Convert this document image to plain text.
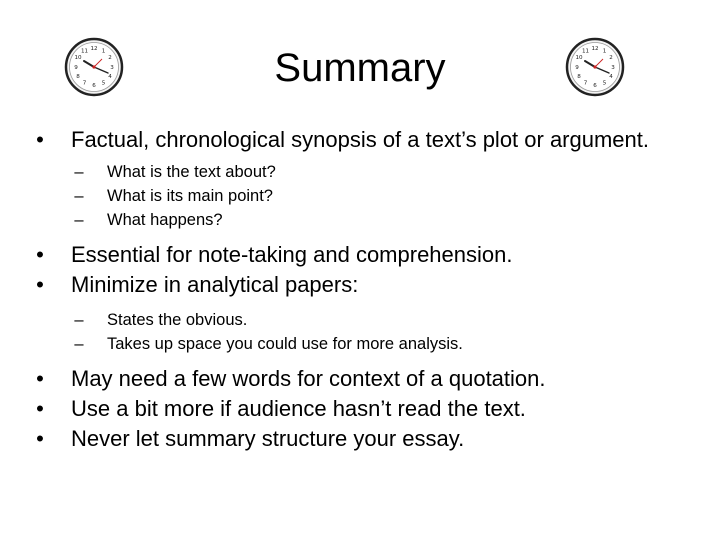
12 1
2
3
4
5
6
7
8
9
10
11	Summary	12 1
2
3
4
5
6
7
8
9
10
11
• Factual, chronological synopsis of a text’s plot or argument.
–	What is the text about?
–	What is its main point?
–	What happens?
• Essential for note-taking and comprehension.
• Minimize in analytical papers:
–	States the obvious.
–	Takes up space you could use for more analysis.
• May need a few words for context of a quotation.
• Use a bit more if audience hasn’t read the text.
• Never let summary structure your essay.
